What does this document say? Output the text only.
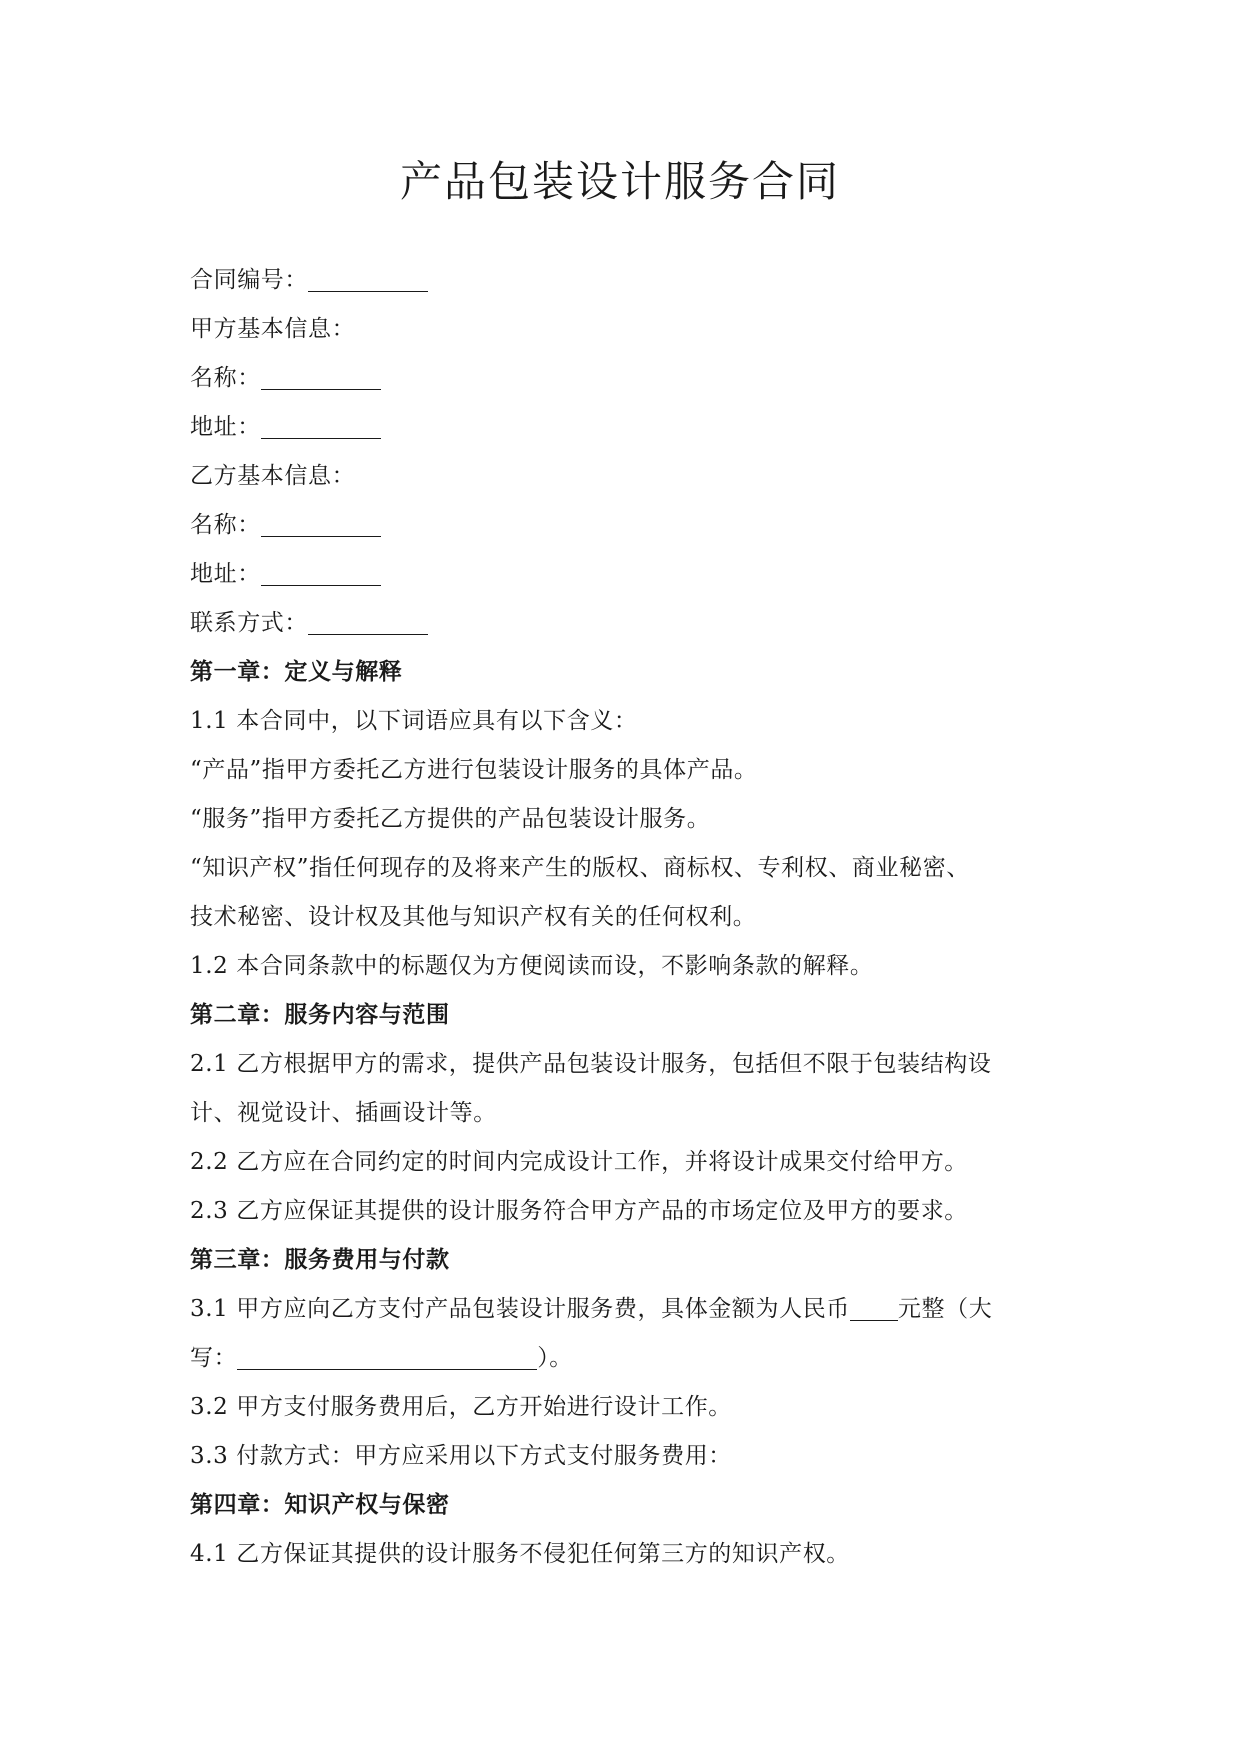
产品包装设计服务合同
合同编号：
甲方基本信息：
名称：
地址：
乙方基本信息：
名称：
地址：
联系方式：
第一章：定义与解释
1.1 本合同中，以下词语应具有以下含义：
“产品”指甲方委托乙方进行包装设计服务的具体产品。
“服务”指甲方委托乙方提供的产品包装设计服务。
“知识产权”指任何现存的及将来产生的版权、商标权、专利权、商业秘密、
技术秘密、设计权及其他与知识产权有关的任何权利。
1.2 本合同条款中的标题仅为方便阅读而设，不影响条款的解释。
第二章：服务内容与范围
2.1 乙方根据甲方的需求，提供产品包装设计服务，包括但不限于包装结构设
计、视觉设计、插画设计等。
2.2 乙方应在合同约定的时间内完成设计工作，并将设计成果交付给甲方。
2.3 乙方应保证其提供的设计服务符合甲方产品的市场定位及甲方的要求。
第三章：服务费用与付款
3.1 甲方应向乙方支付产品包装设计服务费，具体金额为人民币 元整（大
写：	）。
3.2 甲方支付服务费用后，乙方开始进行设计工作。
3.3 付款方式：甲方应采用以下方式支付服务费用：
第四章：知识产权与保密
4.1 乙方保证其提供的设计服务不侵犯任何第三方的知识产权。
